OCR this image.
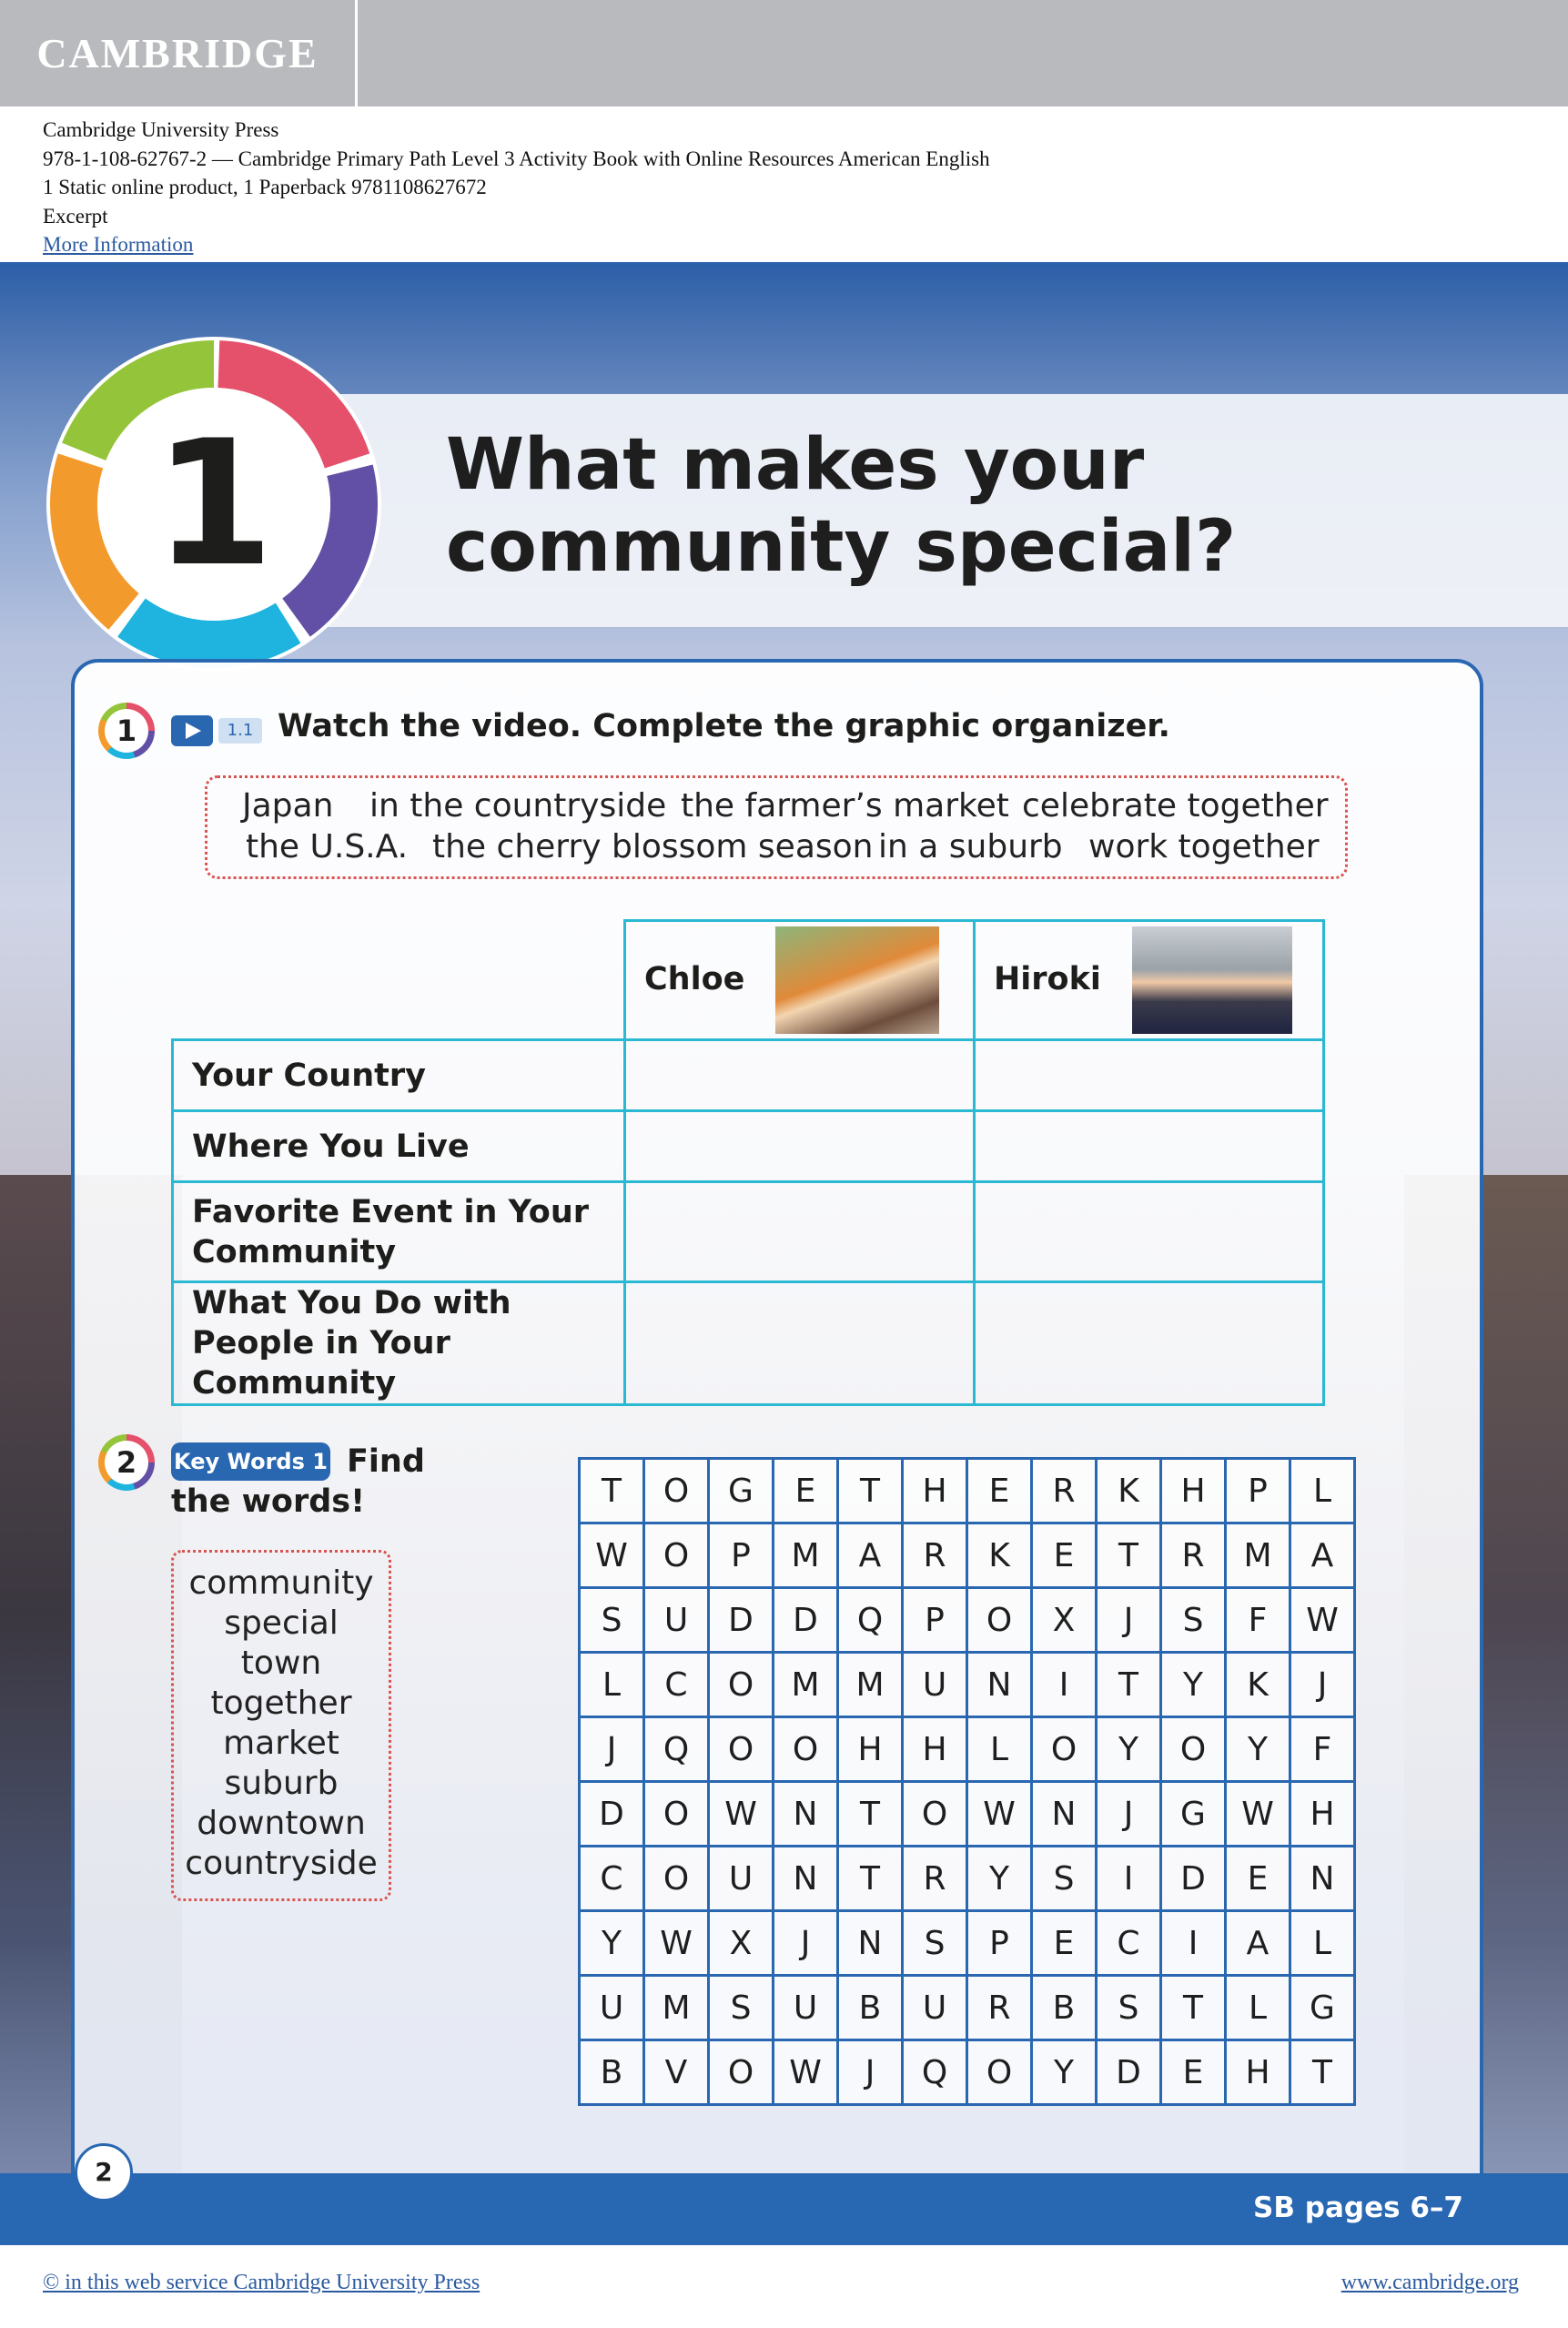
CAMBRIDGE
Cambridge University Press
978-1-108-62767-2 — Cambridge Primary Path Level 3 Activity Book with Online Resources American English
1 Static online product, 1 Paperback 9781108627672
Excerpt
More Information
1 What makes your
community special?
1	1.1 Watch the video. Complete the graphic organizer.
Japan in the countryside the farmer’s market celebrate together
the U.S.A. the cherry blossom season in a suburb work together
	Chloe	Hiroki
Your Country		
Where You Live		
Favorite Event in Your Community		
What You Do with People in Your Community		
2	Key Words 1 Find
the words!
community
special
town
together
market
suburb
downtown
countryside
T	O	G	E	T	H	E	R	K	H	P	L
W	O	P	M	A	R	K	E	T	R	M	A
S	U	D	D	Q	P	O	X	J	S	F	W
L	C	O	M	M	U	N	I	T	Y	K	J
J	Q	O	O	H	H	L	O	Y	O	Y	F
D	O	W	N	T	O	W	N	J	G	W	H
C	O	U	N	T	R	Y	S	I	D	E	N
Y	W	X	J	N	S	P	E	C	I	A	L
U	M	S	U	B	U	R	B	S	T	L	G
B	V	O	W	J	Q	O	Y	D	E	H	T
SB pages 6–7
2
© in this web service Cambridge University Press	www.cambridge.org
